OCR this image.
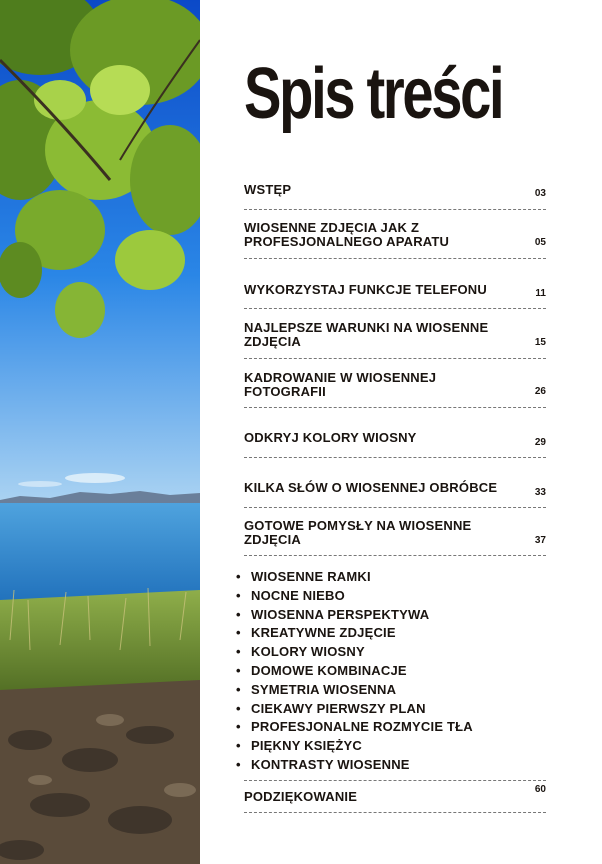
Spis treści
WSTĘP	03
WIOSENNE ZDJĘCIA JAK Z PROFESJONALNEGO APARATU	05
WYKORZYSTAJ FUNKCJE TELEFONU	11
NAJLEPSZE WARUNKI NA WIOSENNE ZDJĘCIA	15
KADROWANIE W WIOSENNEJ FOTOGRAFII	26
ODKRYJ KOLORY WIOSNY	29
KILKA SŁÓW O WIOSENNEJ OBRÓBCE	33
GOTOWE POMYSŁY NA WIOSENNE ZDJĘCIA	37
• WIOSENNE RAMKI
• NOCNE NIEBO
• WIOSENNA PERSPEKTYWA
• KREATYWNE ZDJĘCIE
• KOLORY WIOSNY
• DOMOWE KOMBINACJE
• SYMETRIA WIOSENNA
• CIEKAWY PIERWSZY PLAN
• PROFESJONALNE ROZMYCIE TŁA
• PIĘKNY KSIĘŻYC
• KONTRASTY WIOSENNE
PODZIĘKOWANIE	60
